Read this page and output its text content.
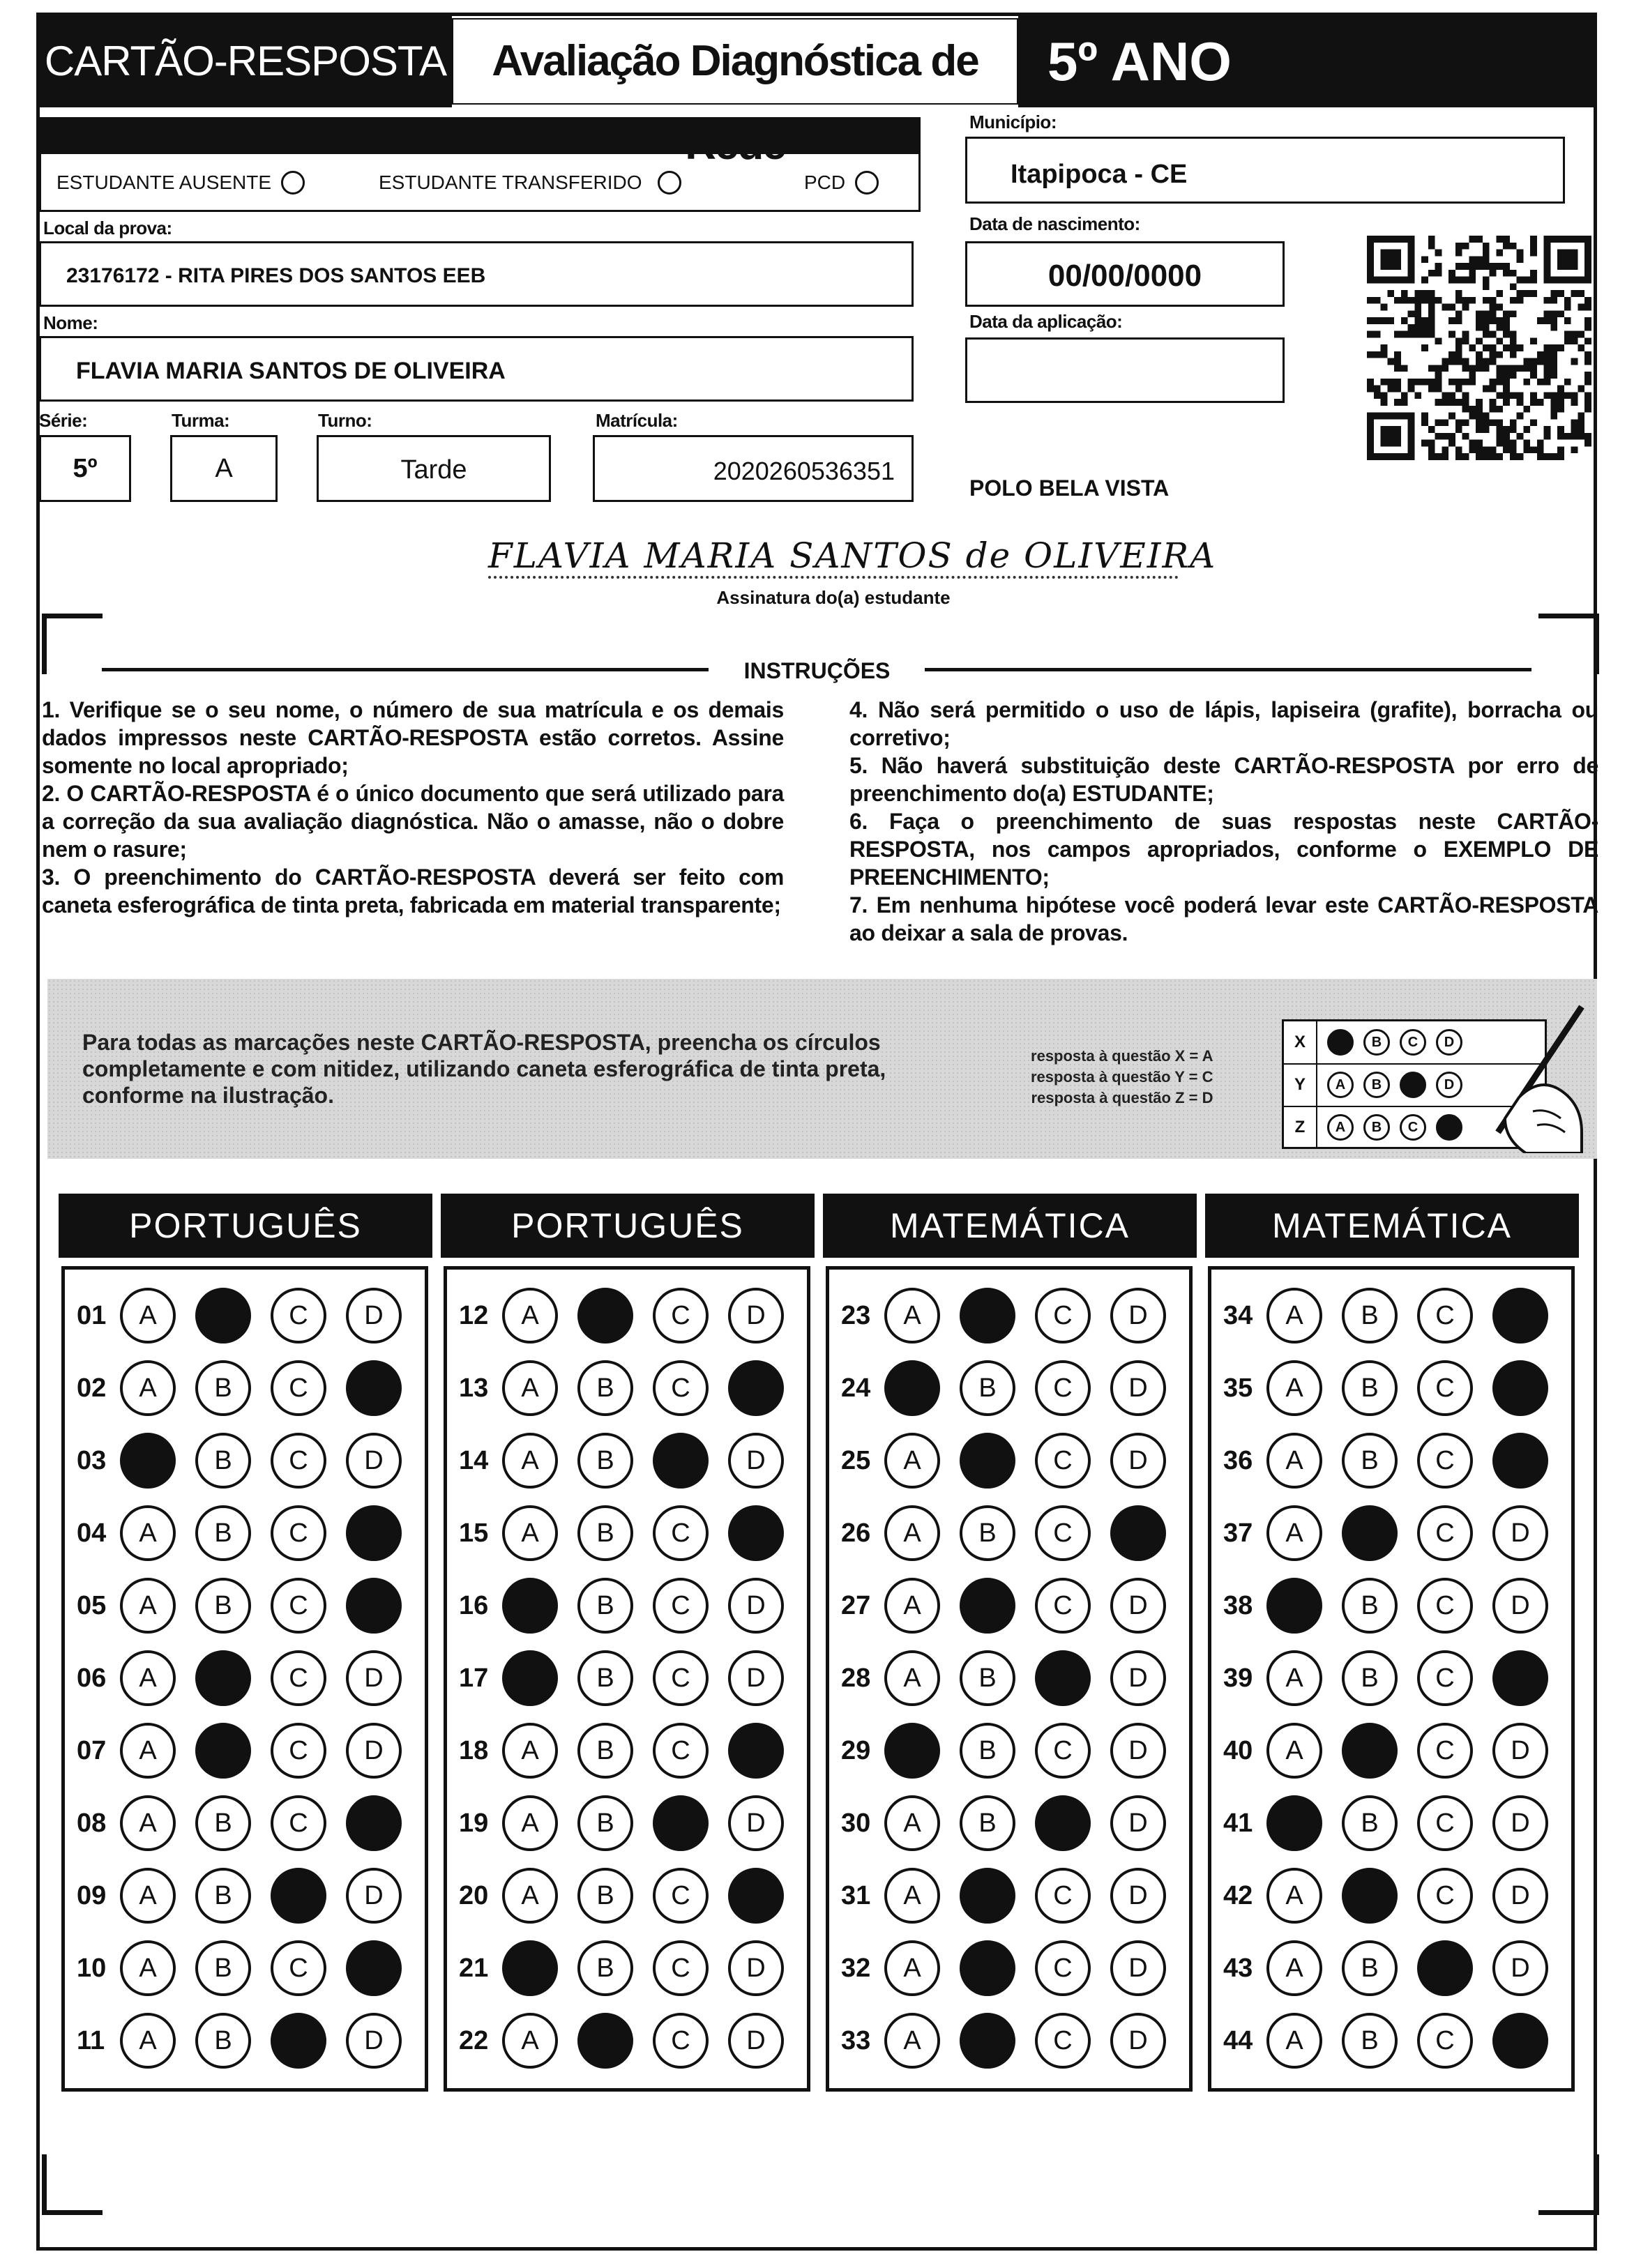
CARTÃO-RESPOSTA	Avaliação Diagnóstica de	5º ANO
ESTUDANTE AUSENTE	ESTUDANTE TRANSFERIDO	PCD
Local da prova:
23176172 - RITA PIRES DOS SANTOS EEB
Nome:
FLAVIA MARIA SANTOS DE OLIVEIRA
Série:
5º
Turma:
A
Turno:
Tarde
Matrícula:
2020260536351
Município:
Itapipoca - CE
Data de nascimento:
00/00/0000
Data da aplicação:
POLO BELA VISTA
FLAVIA MARIA SANTOS de OLIVEIRA
Assinatura do(a) estudante
INSTRUÇÕES

1. Verifique se o seu nome, o número de sua matrícula e os demais dados impressos neste CARTÃO-RESPOSTA estão corretos. Assine somente no local apropriado;

2. O CARTÃO-RESPOSTA é o único documento que será utilizado para a correção da sua avaliação diagnóstica. Não o amasse, não o dobre nem o rasure;

3. O preenchimento do CARTÃO-RESPOSTA deverá ser feito com caneta esferográfica de tinta preta, fabricada em material transparente;

4. Não será permitido o uso de lápis, lapiseira (grafite), borracha ou corretivo;

5. Não haverá substituição deste CARTÃO-RESPOSTA por erro de preenchimento do(a) ESTUDANTE;

6. Faça o preenchimento de suas respostas neste CARTÃO-RESPOSTA, nos campos apropriados, conforme o EXEMPLO DE PREENCHIMENTO;

7. Em nenhuma hipótese você poderá levar este CARTÃO-RESPOSTA ao deixar a sala de provas.

Para todas as marcações neste CARTÃO-RESPOSTA, preencha os círculos completamente e com nitidez, utilizando caneta esferográfica de tinta preta, conforme na ilustração.
resposta à questão X = A
resposta à questão Y = C
resposta à questão Z = D
X	B	C	D
Y	A	B	D
Z	A	B	C
PORTUGUÊS
01	A	C	D
02	A	B	C
03	B	C	D
04	A	B	C
05	A	B	C
06	A	C	D
07	A	C	D
08	A	B	C
09	A	B	D
10	A	B	C
11	A	B	D
PORTUGUÊS
12	A	C	D
13	A	B	C
14	A	B	D
15	A	B	C
16	B	C	D
17	B	C	D
18	A	B	C
19	A	B	D
20	A	B	C
21	B	C	D
22	A	C	D
MATEMÁTICA
23	A	C	D
24	B	C	D
25	A	C	D
26	A	B	C
27	A	C	D
28	A	B	D
29	B	C	D
30	A	B	D
31	A	C	D
32	A	C	D
33	A	C	D
MATEMÁTICA
34	A	B	C
35	A	B	C
36	A	B	C
37	A	C	D
38	B	C	D
39	A	B	C
40	A	C	D
41	B	C	D
42	A	C	D
43	A	B	D
44	A	B	C
